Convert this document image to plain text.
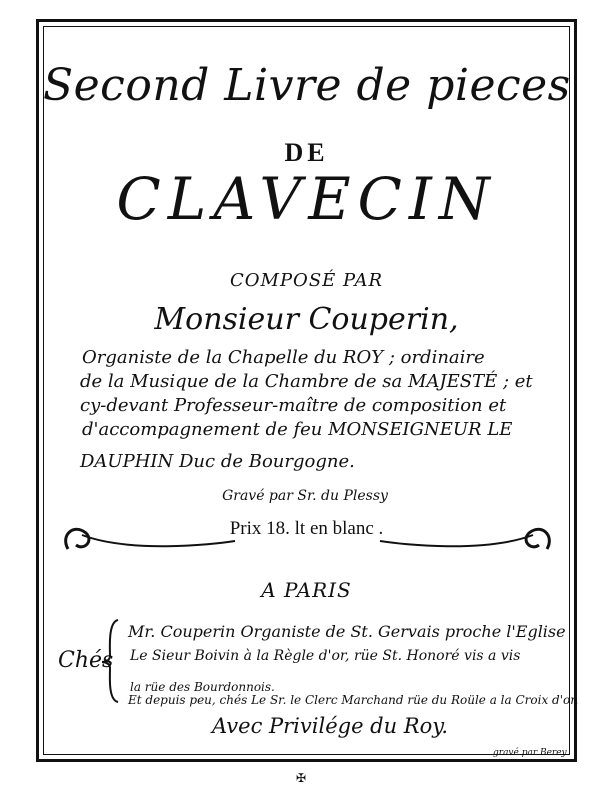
Second Livre de pieces
DE
CLAVECIN
COMPOSÉ PAR
Monsieur Couperin,
Organiste de la Chapelle du ROY ; ordinaire
de la Musique de la Chambre de sa MAJESTÉ ; et
cy-devant Professeur-maître de composition et
d'accompagnement de feu MONSEIGNEUR LE
DAUPHIN Duc de Bourgogne.
Gravé par Sr. du Plessy
Prix 18. lt en blanc .
A PARIS
Chés
Mr. Couperin Organiste de St. Gervais proche l'Eglise
Le Sieur Boivin à la Règle d'or, rüe St. Honoré vis a vis
la rüe des Bourdonnois.
Et depuis peu, chés Le Sr. le Clerc Marchand rüe du Roüle a la Croix d'or.
Avec Privilége du Roy.
gravé par Berey
✠
